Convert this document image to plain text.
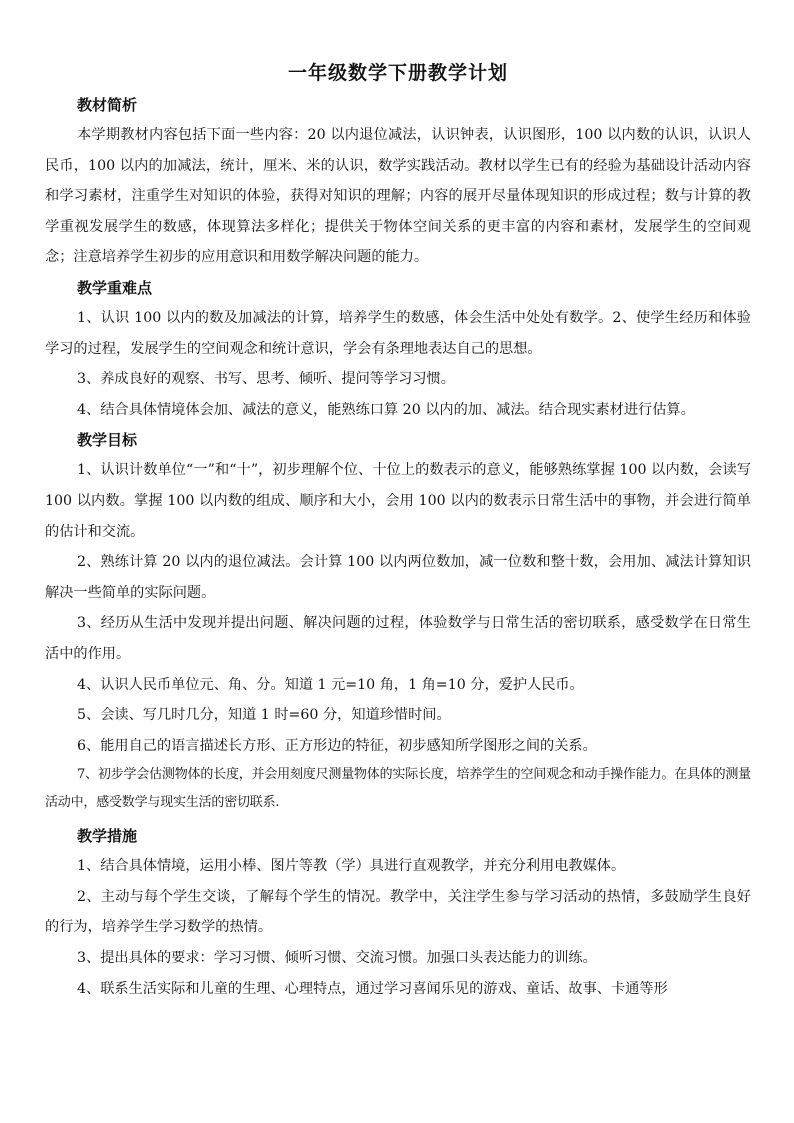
一年级数学下册教学计划
教材简析

本学期教材内容包括下面一些内容：20 以内退位减法，认识钟表，认识图形，100 以内数的认识，认识人民币，100 以内的加减法，统计，厘米、米的认识，数学实践活动。教材以学生已有的经验为基础设计活动内容和学习素材，注重学生对知识的体验，获得对知识的理解；内容的展开尽量体现知识的形成过程；数与计算的教学重视发展学生的数感，体现算法多样化；提供关于物体空间关系的更丰富的内容和素材，发展学生的空间观念；注意培养学生初步的应用意识和用数学解决问题的能力。

教学重难点

1、认识 100 以内的数及加减法的计算，培养学生的数感，体会生活中处处有数学。2、使学生经历和体验学习的过程，发展学生的空间观念和统计意识，学会有条理地表达自己的思想。

3、养成良好的观察、书写、思考、倾听、提问等学习习惯。

4、结合具体情境体会加、减法的意义，能熟练口算 20 以内的加、减法。结合现实素材进行估算。

教学目标

1、认识计数单位“一”和“十”，初步理解个位、十位上的数表示的意义，能够熟练掌握 100 以内数，会读写 100 以内数。掌握 100 以内数的组成、顺序和大小，会用 100 以内的数表示日常生活中的事物，并会进行简单的估计和交流。

2、熟练计算 20 以内的退位减法。会计算 100 以内两位数加，减一位数和整十数，会用加、减法计算知识解决一些简单的实际问题。

3、经历从生活中发现并提出问题、解决问题的过程，体验数学与日常生活的密切联系，感受数学在日常生活中的作用。

4、认识人民币单位元、角、分。知道 1 元=10 角，1 角=10 分，爱护人民币。

5、会读、写几时几分，知道 1 时=60 分，知道珍惜时间。

6、能用自己的语言描述长方形、正方形边的特征，初步感知所学图形之间的关系。

7、初步学会估测物体的长度，并会用刻度尺测量物体的实际长度，培养学生的空间观念和动手操作能力。在具体的测量活动中，感受数学与现实生活的密切联系.

教学措施

1、结合具体情境，运用小棒、图片等教（学）具进行直观教学，并充分利用电教媒体。

2、主动与每个学生交谈，了解每个学生的情况。教学中，关注学生参与学习活动的热情，多鼓励学生良好的行为，培养学生学习数学的热情。

3、提出具体的要求：学习习惯、倾听习惯、交流习惯。加强口头表达能力的训练。

4、联系生活实际和儿童的生理、心理特点，通过学习喜闻乐见的游戏、童话、故事、卡通等形
